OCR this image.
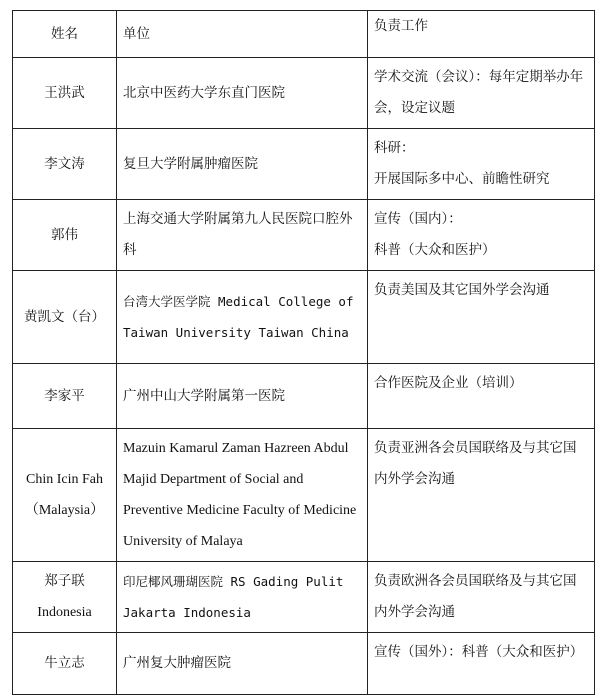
姓名	单位	负责工作
王洪武	北京中医药大学东直门医院	学术交流（会议）：每年定期举办年会，设定议题
李文涛	复旦大学附属肿瘤医院	科研：
开展国际多中心、前瞻性研究

郭伟	上海交通大学附属第九人民医院口腔外科	宣传（国内）：
科普（大众和医护）

黄凯文（台）	台湾大学医学院 Medical College of Taiwan University Taiwan China	负责美国及其它国外学会沟通
李家平	广州中山大学附属第一医院	合作医院及企业（培训）

Chin Icin Fah
（Malaysia）	Mazuin Kamarul Zaman Hazreen Abdul Majid Department of Social and Preventive Medicine Faculty of Medicine University of Malaya	负责亚洲各会员国联络及与其它国内外学会沟通

郑子联
Indonesia	印尼椰风珊瑚医院 RS Gading Pulit Jakarta Indonesia	负责欧洲各会员国联络及与其它国内外学会沟通
牛立志	广州复大肿瘤医院	宣传（国外）：科普（大众和医护）
